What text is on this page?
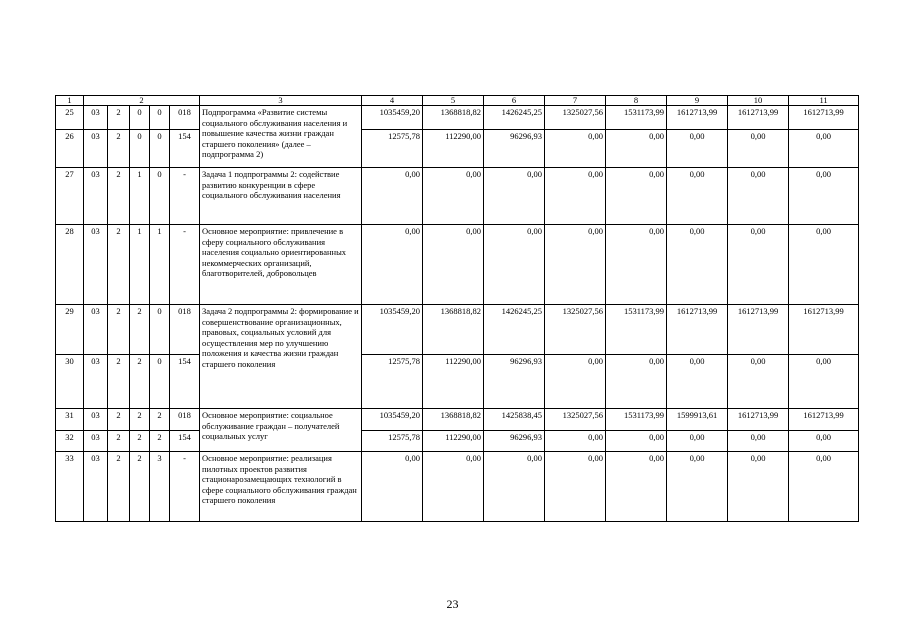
1	2					3	4	5	6	7	8	9	10	11
25	03	2	0	0	018	Подпрограмма «Развитие системы социального обслуживания населения и повышение качества жизни граждан старшего поколения» (далее – подпрограмма 2)	1035459,20	1368818,82	1426245,25	1325027,56	1531173,99	1612713,99	1612713,99	1612713,99
26	03	2	0	0	154		12575,78	112290,00	96296,93	0,00	0,00	0,00	0,00	0,00
27	03	2	1	0	-	Задача 1 подпрограммы 2: содействие развитию конкуренции в сфере социального обслуживания населения	0,00	0,00	0,00	0,00	0,00	0,00	0,00	0,00
28	03	2	1	1	-	Основное мероприятие: привлечение в сферу социального обслуживания населения социально ориентированных некоммерческих организаций, благотворителей, добровольцев	0,00	0,00	0,00	0,00	0,00	0,00	0,00	0,00
29	03	2	2	0	018	Задача 2 подпрограммы 2: формирование и совершенствование организационных, правовых, социальных условий для осуществления мер по улучшению положения и качества жизни граждан старшего поколения	1035459,20	1368818,82	1426245,25	1325027,56	1531173,99	1612713,99	1612713,99	1612713,99
30	03	2	2	0	154		12575,78	112290,00	96296,93	0,00	0,00	0,00	0,00	0,00
31	03	2	2	2	018	Основное мероприятие: социальное обслуживание граждан – получателей социальных услуг	1035459,20	1368818,82	1425838,45	1325027,56	1531173,99	1599913,61	1612713,99	1612713,99
32	03	2	2	2	154		12575,78	112290,00	96296,93	0,00	0,00	0,00	0,00	0,00
33	03	2	2	3	-	Основное мероприятие: реализация пилотных проектов развития стационарозамещающих технологий в сфере социального обслуживания граждан старшего поколения	0,00	0,00	0,00	0,00	0,00	0,00	0,00	0,00
23
